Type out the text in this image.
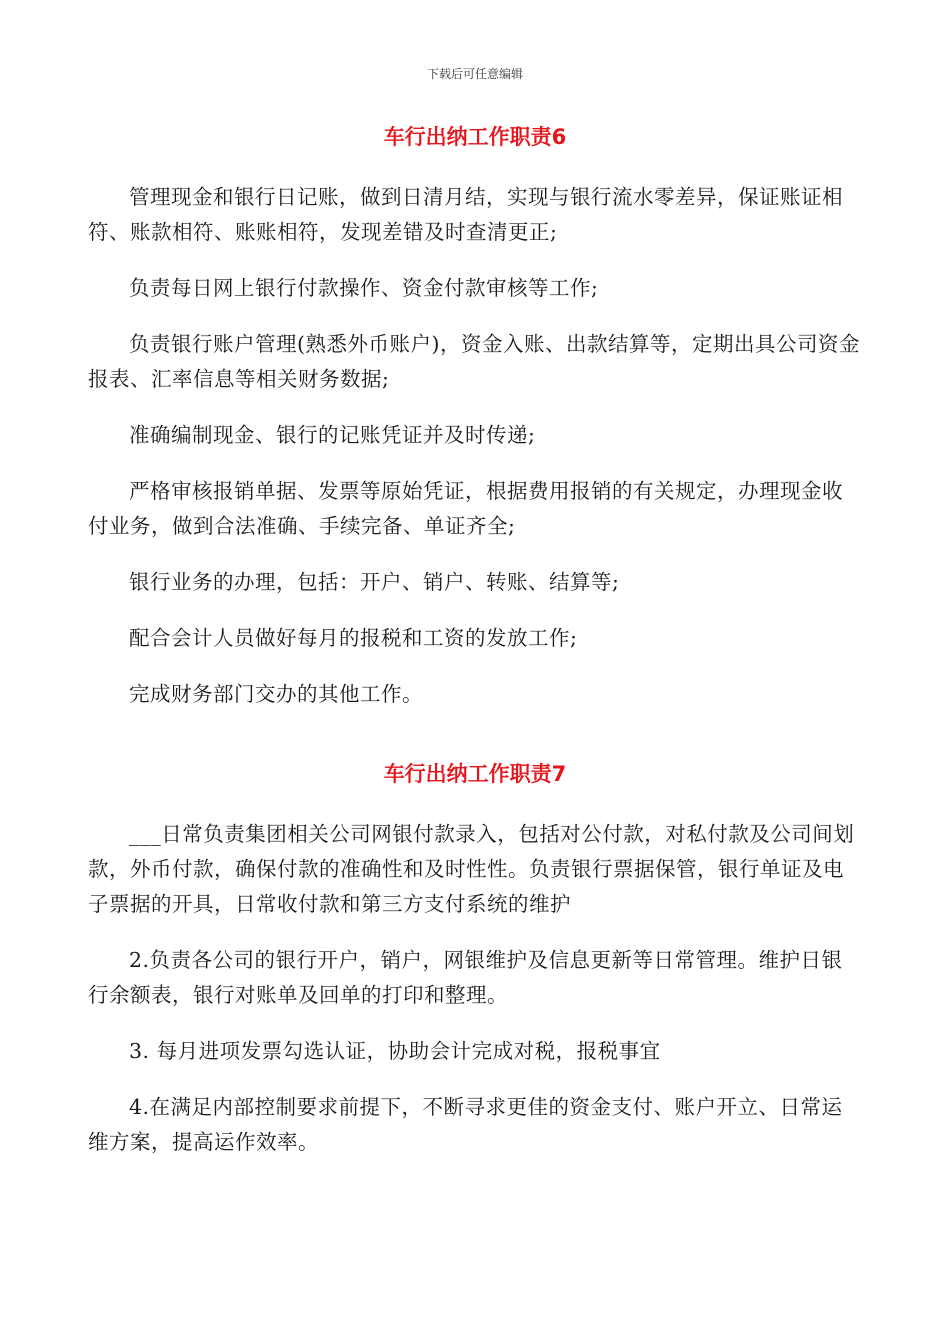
下载后可任意编辑
车行出纳工作职责6

管理现金和银行日记账，做到日清月结，实现与银行流水零差异，保证账证相符、账款相符、账账相符，发现差错及时查清更正;

负责每日网上银行付款操作、资金付款审核等工作;

负责银行账户管理(熟悉外币账户)，资金入账、出款结算等，定期出具公司资金报表、汇率信息等相关财务数据;

准确编制现金、银行的记账凭证并及时传递;

严格审核报销单据、发票等原始凭证，根据费用报销的有关规定，办理现金收付业务，做到合法准确、手续完备、单证齐全;

银行业务的办理，包括：开户、销户、转账、结算等;

配合会计人员做好每月的报税和工资的发放工作;

完成财务部门交办的其他工作。

车行出纳工作职责7

___日常负责集团相关公司网银付款录入，包括对公付款，对私付款及公司间划款，外币付款，确保付款的准确性和及时性性。负责银行票据保管，银行单证及电子票据的开具，日常收付款和第三方支付系统的维护

2.负责各公司的银行开户，销户，网银维护及信息更新等日常管理。维护日银行余额表，银行对账单及回单的打印和整理。

3. 每月进项发票勾选认证，协助会计完成对税，报税事宜

4.在满足内部控制要求前提下，不断寻求更佳的资金支付、账户开立、日常运维方案，提高运作效率。
